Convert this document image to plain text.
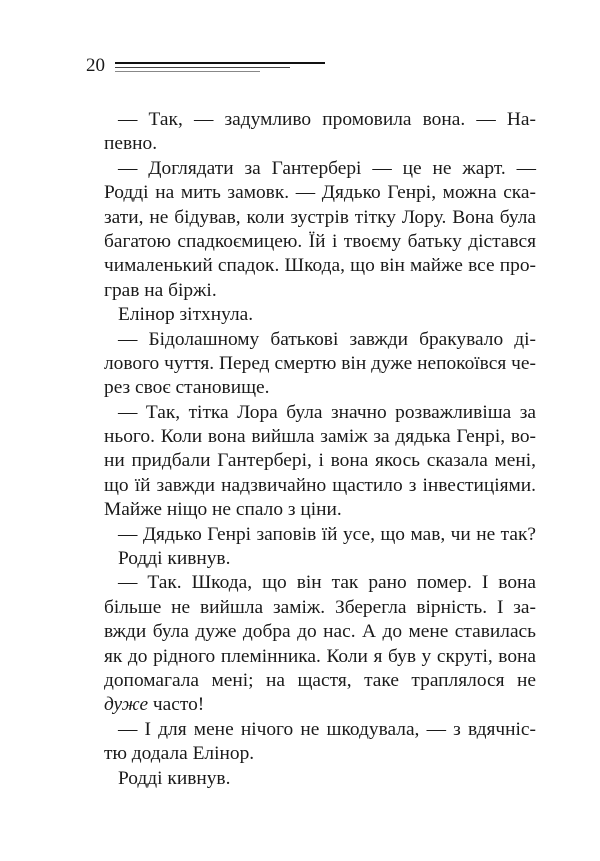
20
— Так, — задумливо промовила вона. — На-
певно.
— Доглядати за Гантербері — це не жарт. —
Родді на мить замовк. — Дядько Генрі, можна ска-
зати, не бідував, коли зустрів тітку Лору. Вона була
багатою спадкоємицею. Їй і твоєму батьку дістався
чималенький спадок. Шкода, що він майже все про-
грав на біржі.
Елінор зітхнула.
— Бідолашному батькові завжди бракувало ді-
лового чуття. Перед смертю він дуже непокоївся че-
рез своє становище.
— Так, тітка Лора була значно розважливіша за
нього. Коли вона вийшла заміж за дядька Генрі, во-
ни придбали Гантербері, і вона якось сказала мені,
що їй завжди надзвичайно щастило з інвестиціями.
Майже ніщо не спало з ціни.
— Дядько Генрі заповів їй усе, що мав, чи не так?
Родді кивнув.
— Так. Шкода, що він так рано помер. І вона
більше не вийшла заміж. Зберегла вірність. І за-
вжди була дуже добра до нас. А до мене ставилась
як до рідного племінника. Коли я був у скруті, вона
допомагала мені; на щастя, таке траплялося не
дуже часто!
— І для мене нічого не шкодувала, — з вдячніс-
тю додала Елінор.
Родді кивнув.
